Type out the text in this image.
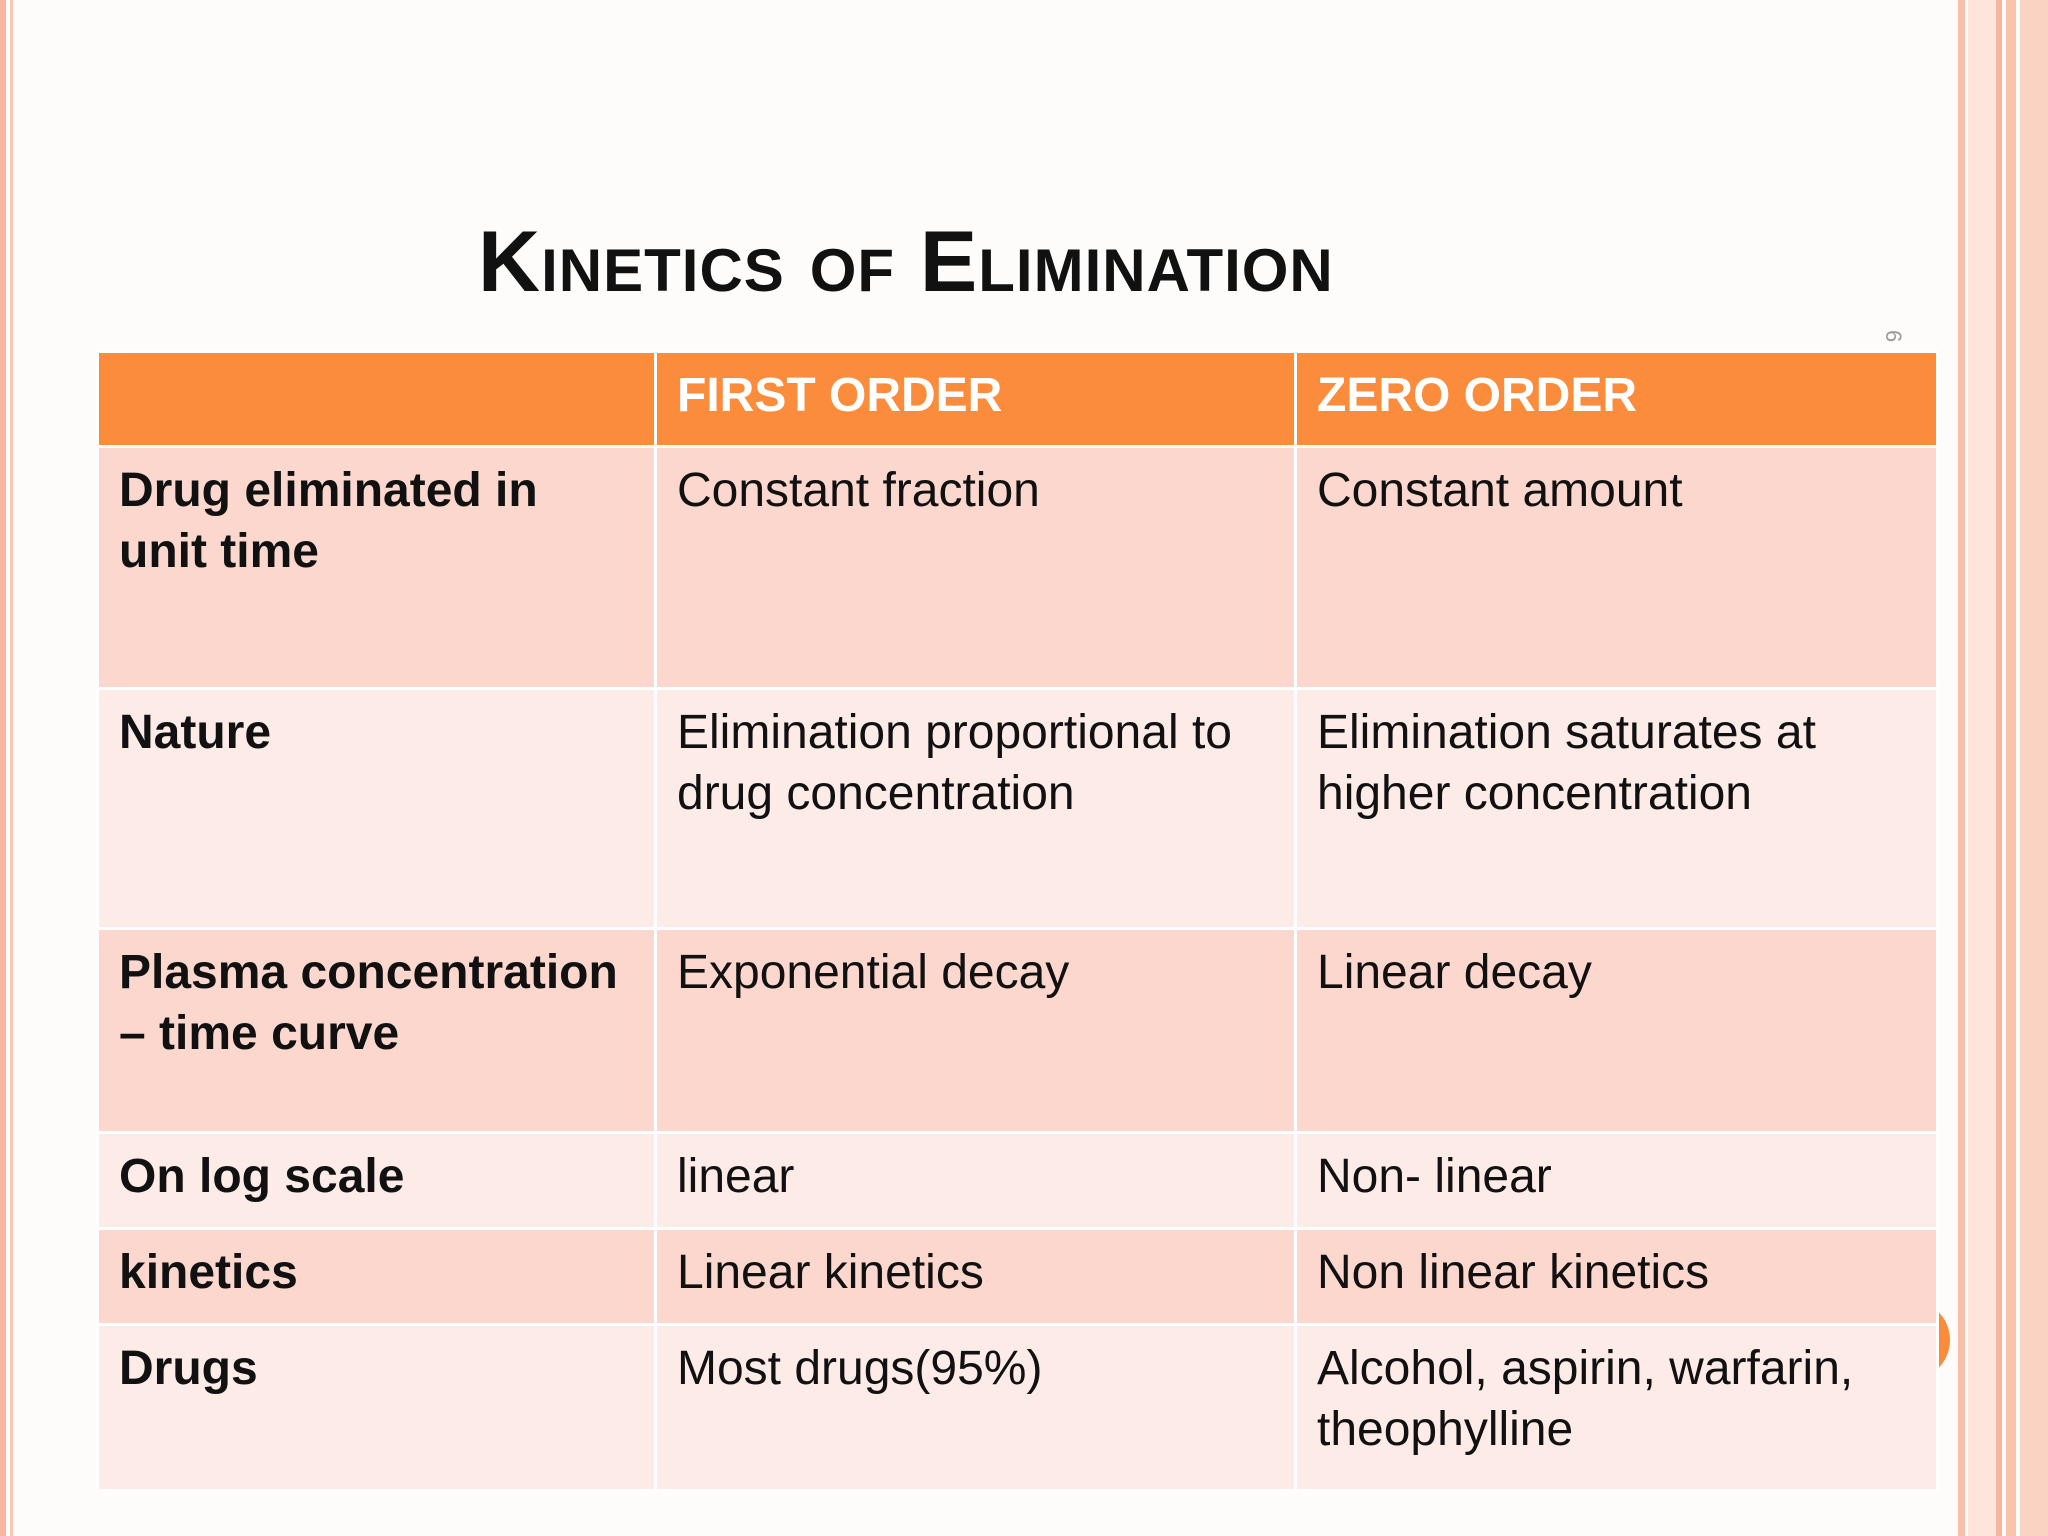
6
Kinetics of Elimination
	FIRST ORDER	ZERO ORDER
Drug eliminated in unit time	Constant fraction	Constant amount
Nature	Elimination proportional to drug concentration	Elimination saturates at higher concentration
Plasma concentration – time curve	Exponential decay	Linear decay
On log scale	linear	Non- linear
kinetics	Linear kinetics	Non linear kinetics
Drugs	Most drugs(95%)	Alcohol, aspirin, warfarin, theophylline
